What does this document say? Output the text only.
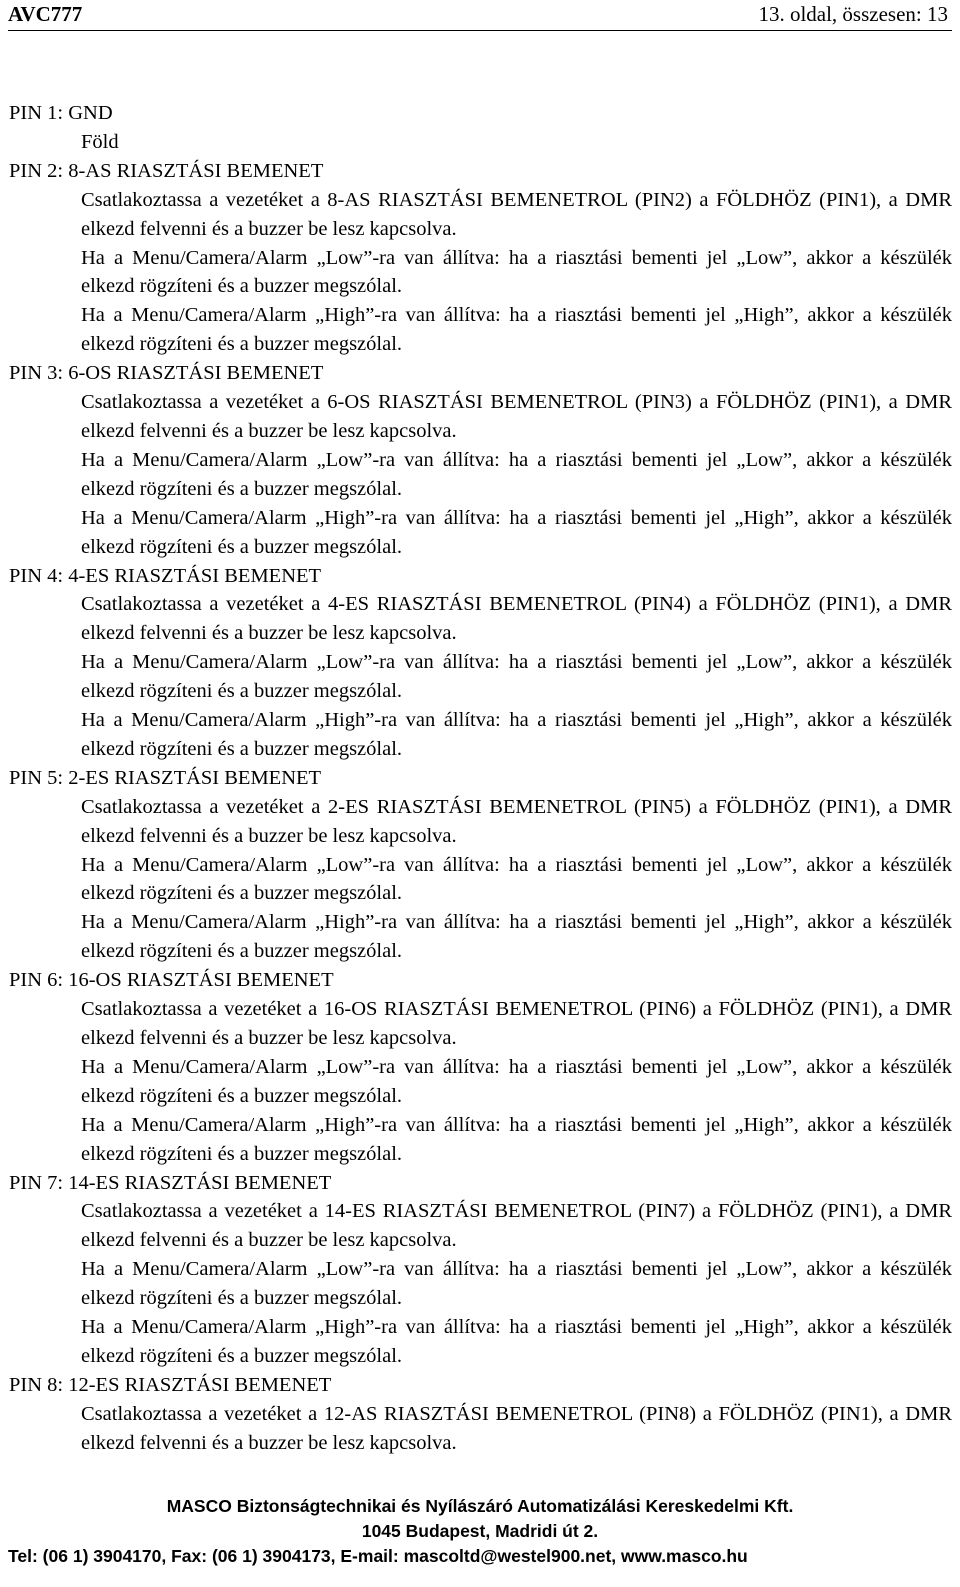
AVC777	13. oldal, összesen: 13
PIN 1: GND
Föld
PIN 2: 8-AS RIASZTÁSI BEMENET
Csatlakoztassa a vezetéket a 8-AS RIASZTÁSI BEMENETROL (PIN2) a FÖLDHÖZ (PIN1), a DMR elkezd felvenni és a buzzer be lesz kapcsolva.
Ha a Menu/Camera/Alarm „Low”-ra van állítva: ha a riasztási bementi jel „Low”, akkor a készülék elkezd rögzíteni és a buzzer megszólal.
Ha a Menu/Camera/Alarm „High”-ra van állítva: ha a riasztási bementi jel „High”, akkor a készülék elkezd rögzíteni és a buzzer megszólal.
PIN 3: 6-OS RIASZTÁSI BEMENET
Csatlakoztassa a vezetéket a 6-OS RIASZTÁSI BEMENETROL (PIN3) a FÖLDHÖZ (PIN1), a DMR elkezd felvenni és a buzzer be lesz kapcsolva.
Ha a Menu/Camera/Alarm „Low”-ra van állítva: ha a riasztási bementi jel „Low”, akkor a készülék elkezd rögzíteni és a buzzer megszólal.
Ha a Menu/Camera/Alarm „High”-ra van állítva: ha a riasztási bementi jel „High”, akkor a készülék elkezd rögzíteni és a buzzer megszólal.
PIN 4: 4-ES RIASZTÁSI BEMENET
Csatlakoztassa a vezetéket a 4-ES RIASZTÁSI BEMENETROL (PIN4) a FÖLDHÖZ (PIN1), a DMR elkezd felvenni és a buzzer be lesz kapcsolva.
Ha a Menu/Camera/Alarm „Low”-ra van állítva: ha a riasztási bementi jel „Low”, akkor a készülék elkezd rögzíteni és a buzzer megszólal.
Ha a Menu/Camera/Alarm „High”-ra van állítva: ha a riasztási bementi jel „High”, akkor a készülék elkezd rögzíteni és a buzzer megszólal.
PIN 5: 2-ES RIASZTÁSI BEMENET
Csatlakoztassa a vezetéket a 2-ES RIASZTÁSI BEMENETROL (PIN5) a FÖLDHÖZ (PIN1), a DMR elkezd felvenni és a buzzer be lesz kapcsolva.
Ha a Menu/Camera/Alarm „Low”-ra van állítva: ha a riasztási bementi jel „Low”, akkor a készülék elkezd rögzíteni és a buzzer megszólal.
Ha a Menu/Camera/Alarm „High”-ra van állítva: ha a riasztási bementi jel „High”, akkor a készülék elkezd rögzíteni és a buzzer megszólal.
PIN 6: 16-OS RIASZTÁSI BEMENET
Csatlakoztassa a vezetéket a 16-OS RIASZTÁSI BEMENETROL (PIN6) a FÖLDHÖZ (PIN1), a DMR elkezd felvenni és a buzzer be lesz kapcsolva.
Ha a Menu/Camera/Alarm „Low”-ra van állítva: ha a riasztási bementi jel „Low”, akkor a készülék elkezd rögzíteni és a buzzer megszólal.
Ha a Menu/Camera/Alarm „High”-ra van állítva: ha a riasztási bementi jel „High”, akkor a készülék elkezd rögzíteni és a buzzer megszólal.
PIN 7: 14-ES RIASZTÁSI BEMENET
Csatlakoztassa a vezetéket a 14-ES RIASZTÁSI BEMENETROL (PIN7) a FÖLDHÖZ (PIN1), a DMR elkezd felvenni és a buzzer be lesz kapcsolva.
Ha a Menu/Camera/Alarm „Low”-ra van állítva: ha a riasztási bementi jel „Low”, akkor a készülék elkezd rögzíteni és a buzzer megszólal.
Ha a Menu/Camera/Alarm „High”-ra van állítva: ha a riasztási bementi jel „High”, akkor a készülék elkezd rögzíteni és a buzzer megszólal.
PIN 8: 12-ES RIASZTÁSI BEMENET
Csatlakoztassa a vezetéket a 12-AS RIASZTÁSI BEMENETROL (PIN8) a FÖLDHÖZ (PIN1), a DMR elkezd felvenni és a buzzer be lesz kapcsolva.
MASCO Biztonságtechnikai és Nyílászáró Automatizálási Kereskedelmi Kft.
1045 Budapest, Madridi út 2.
Tel: (06 1) 3904170, Fax: (06 1) 3904173, E-mail: mascoltd@westel900.net, www.masco.hu
